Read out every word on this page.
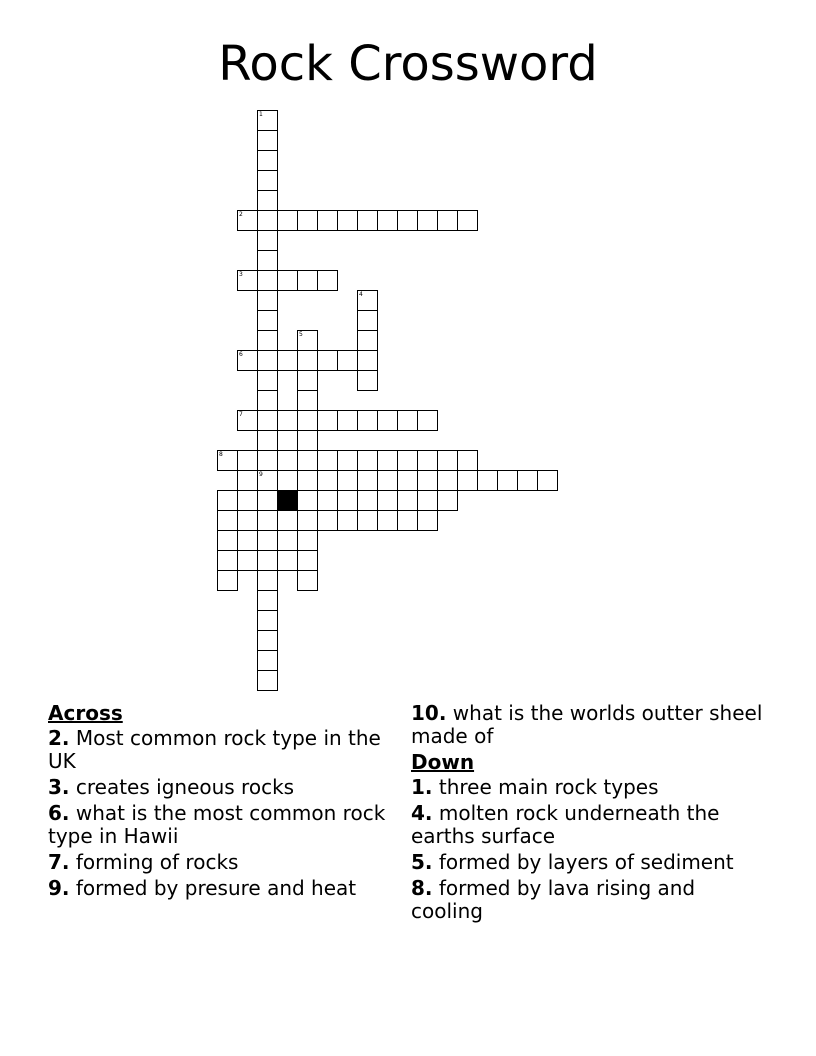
Rock Crossword
1
9
2
3
4
5
6
7
8
Across
2. Most common rock type in the UK
3. creates igneous rocks
6. what is the most common rock type in Hawii
7. forming of rocks
9. formed by presure and heat
10. what is the worlds outter sheel made of
Down
1. three main rock types
4. molten rock underneath the earths surface
5. formed by layers of sediment
8. formed by lava rising and cooling
